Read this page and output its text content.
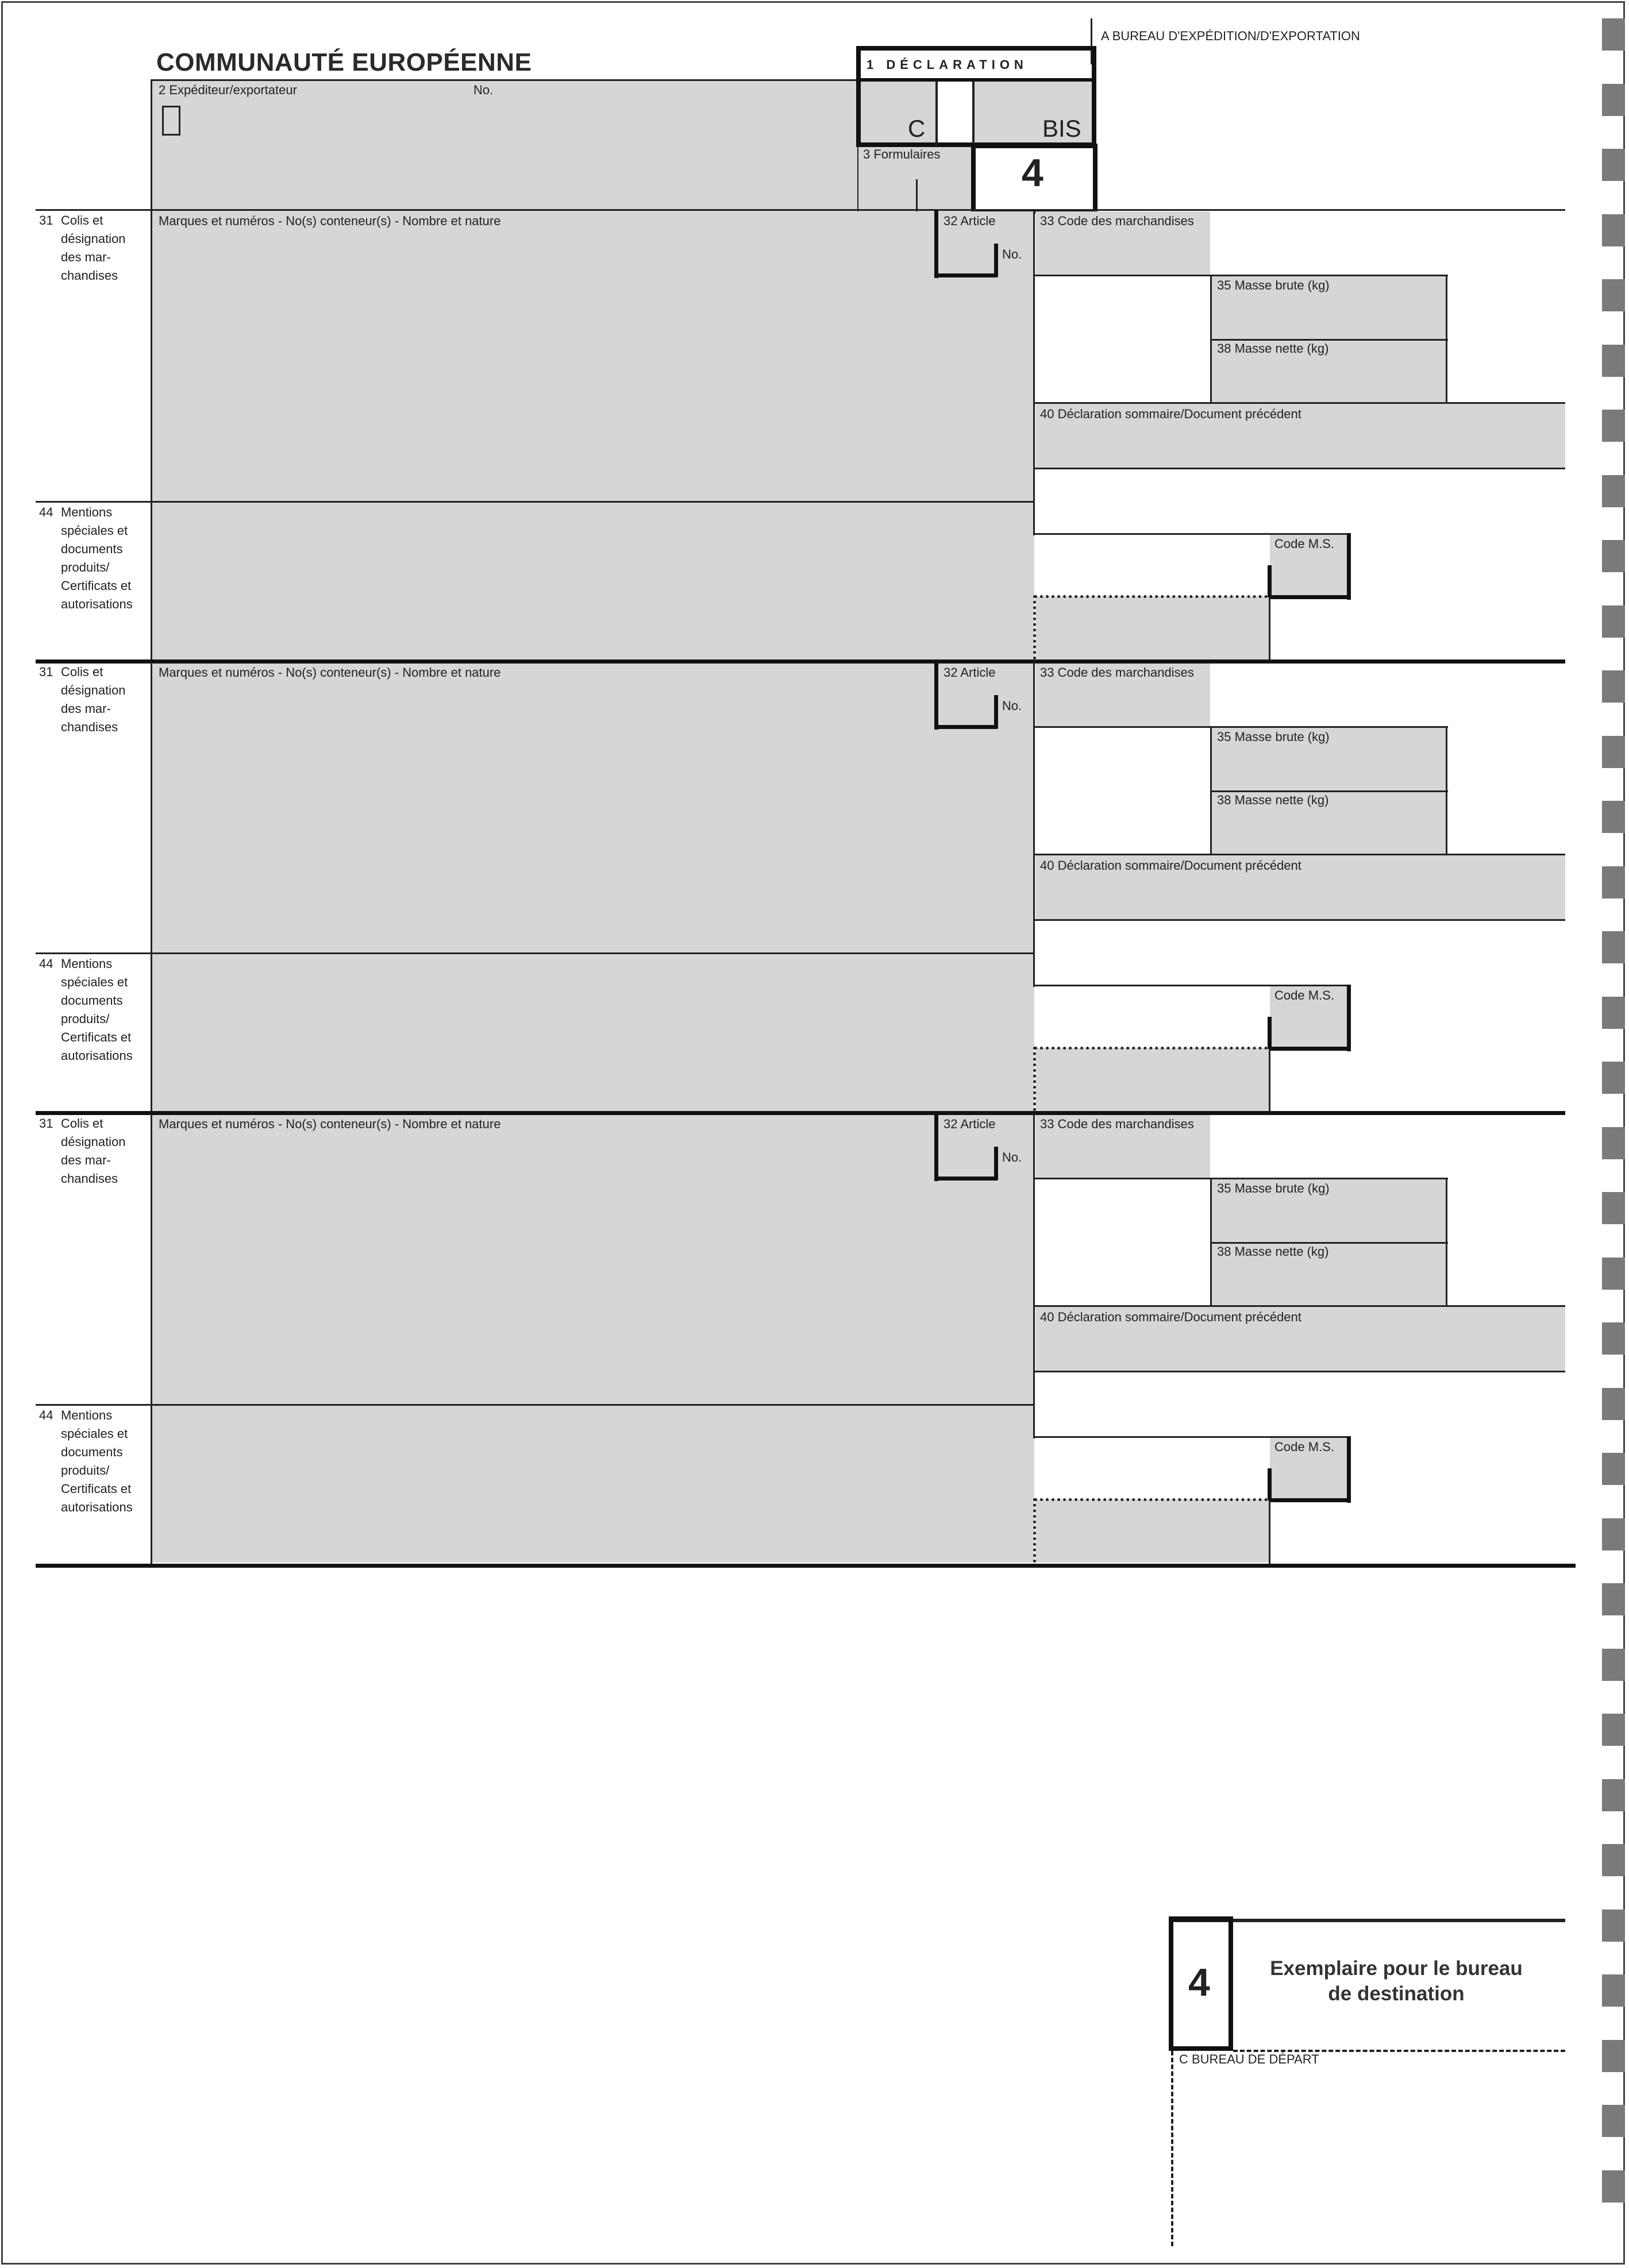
COMMUNAUTÉ EUROPÉENNE
A BUREAU D'EXPÉDITION/D'EXPORTATION
2 Expéditeur/exportateur	No.
1 DÉCLARATION
C	BIS
3 Formulaires 4
31 Colis et
désignation
des mar-
chandises
Marques et numéros - No(s) conteneur(s) - Nombre et nature	32 Article
No.
33 Code des marchandises
35 Masse brute (kg)
38 Masse nette (kg)
40 Déclaration sommaire/Document précédent
44 Mentions
spéciales et
documents
produits/
Certificats et
autorisations
Code M.S.
31 Colis et
désignation
des mar-
chandises
Marques et numéros - No(s) conteneur(s) - Nombre et nature	32 Article
No.
33 Code des marchandises
35 Masse brute (kg)
38 Masse nette (kg)
40 Déclaration sommaire/Document précédent
44 Mentions
spéciales et
documents
produits/
Certificats et
autorisations
Code M.S.
31 Colis et
désignation
des mar-
chandises
Marques et numéros - No(s) conteneur(s) - Nombre et nature	32 Article
No.
33 Code des marchandises
35 Masse brute (kg)
38 Masse nette (kg)
40 Déclaration sommaire/Document précédent
44 Mentions
spéciales et
documents
produits/
Certificats et
autorisations
Code M.S.
4	Exemplaire pour le bureau
de destination
C BUREAU DE DÉPART
